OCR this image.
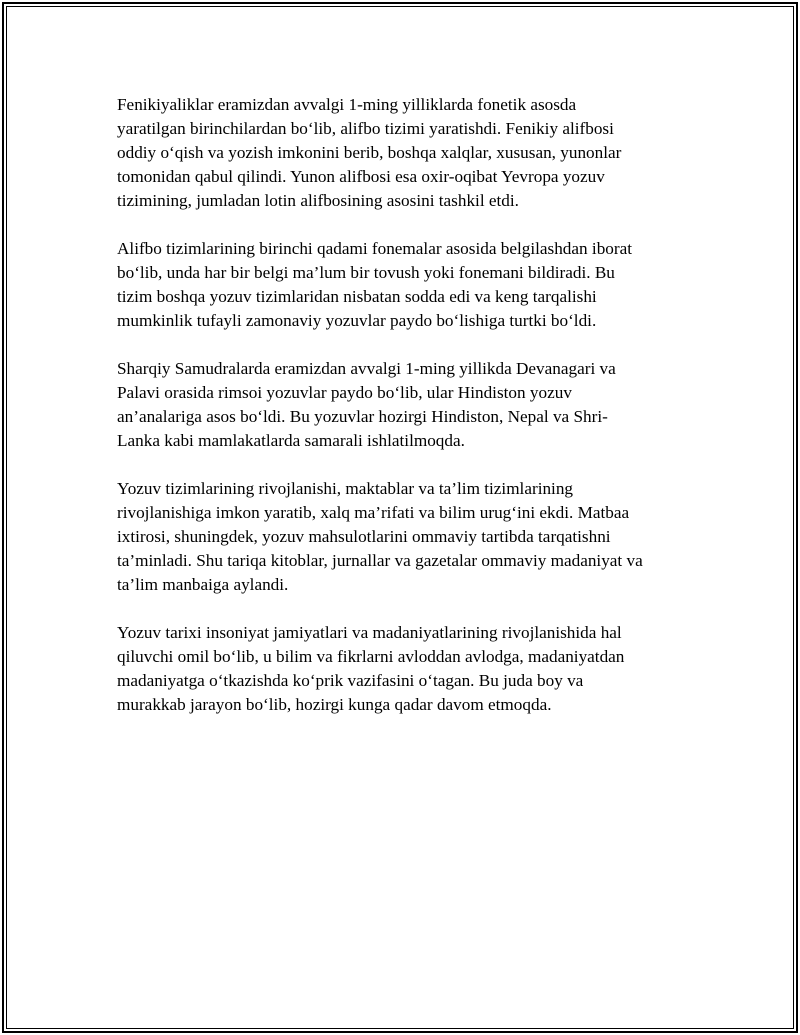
Fenikiyaliklar eramizdan avvalgi 1-ming yilliklarda fonetik asosda
yaratilgan birinchilardan bo‘lib, alifbo tizimi yaratishdi. Fenikiy alifbosi
oddiy o‘qish va yozish imkonini berib, boshqa xalqlar, xususan, yunonlar
tomonidan qabul qilindi. Yunon alifbosi esa oxir-oqibat Yevropa yozuv
tizimining, jumladan lotin alifbosining asosini tashkil etdi.

Alifbo tizimlarining birinchi qadami fonemalar asosida belgilashdan iborat
bo‘lib, unda har bir belgi ma’lum bir tovush yoki fonemani bildiradi. Bu
tizim boshqa yozuv tizimlaridan nisbatan sodda edi va keng tarqalishi
mumkinlik tufayli zamonaviy yozuvlar paydo bo‘lishiga turtki bo‘ldi.

Sharqiy Samudralarda eramizdan avvalgi 1-ming yillikda Devanagari va
Palavi orasida rimsoi yozuvlar paydo bo‘lib, ular Hindiston yozuv
an’analariga asos bo‘ldi. Bu yozuvlar hozirgi Hindiston, Nepal va Shri-
Lanka kabi mamlakatlarda samarali ishlatilmoqda.

Yozuv tizimlarining rivojlanishi, maktablar va ta’lim tizimlarining
rivojlanishiga imkon yaratib, xalq ma’rifati va bilim urug‘ini ekdi. Matbaa
ixtirosi, shuningdek, yozuv mahsulotlarini ommaviy tartibda tarqatishni
ta’minladi. Shu tariqa kitoblar, jurnallar va gazetalar ommaviy madaniyat va
ta’lim manbaiga aylandi.

Yozuv tarixi insoniyat jamiyatlari va madaniyatlarining rivojlanishida hal
qiluvchi omil bo‘lib, u bilim va fikrlarni avloddan avlodga, madaniyatdan
madaniyatga o‘tkazishda ko‘prik vazifasini o‘tagan. Bu juda boy va
murakkab jarayon bo‘lib, hozirgi kunga qadar davom etmoqda.
